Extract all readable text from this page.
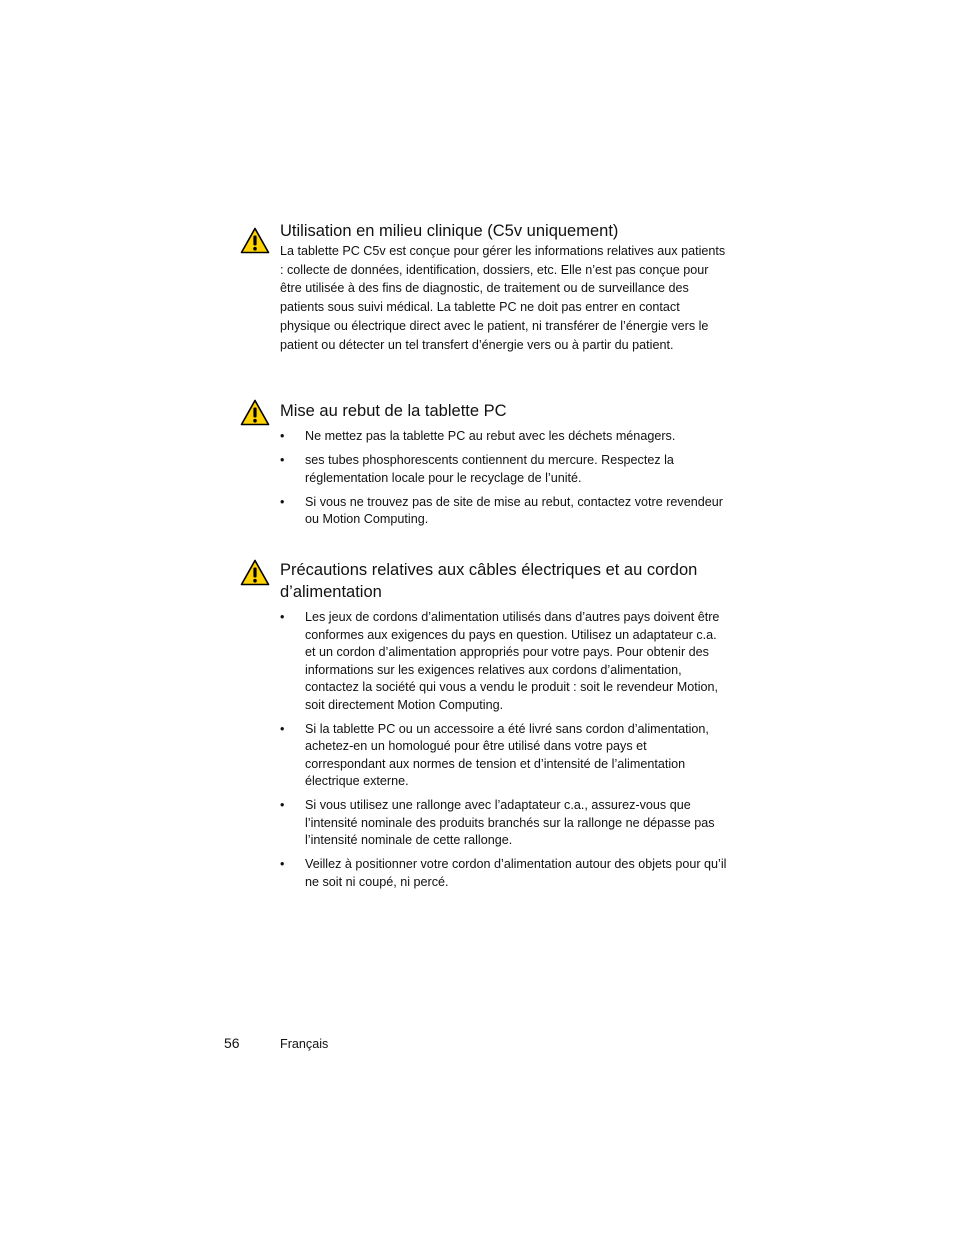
Utilisation en milieu clinique (C5v uniquement)

La tablette PC C5v est conçue pour gérer les informations relatives aux patients : collecte de données, identification, dossiers, etc. Elle n’est pas conçue pour être utilisée à des fins de diagnostic, de traitement ou de surveillance des patients sous suivi médical. La tablette PC ne doit pas entrer en contact physique ou électrique direct avec le patient, ni transférer de l’énergie vers le patient ou détecter un tel transfert d’énergie vers ou à partir du patient.

Mise au rebut de la tablette PC
• Ne mettez pas la tablette PC au rebut avec les déchets ménagers.
• ses tubes phosphorescents contiennent du mercure. Respectez la réglementation locale pour le recyclage de l’unité.
• Si vous ne trouvez pas de site de mise au rebut, contactez votre revendeur ou Motion Computing.
Précautions relatives aux câbles électriques et au cordon d’alimentation
• Les jeux de cordons d’alimentation utilisés dans d’autres pays doivent être conformes aux exigences du pays en question. Utilisez un adaptateur c.a. et un cordon d’alimentation appropriés pour votre pays. Pour obtenir des informations sur les exigences relatives aux cordons d’alimentation, contactez la société qui vous a vendu le produit : soit le revendeur Motion, soit directement Motion Computing.
• Si la tablette PC ou un accessoire a été livré sans cordon d’alimentation, achetez-en un homologué pour être utilisé dans votre pays et correspondant aux normes de tension et d’intensité de l’alimentation électrique externe.
• Si vous utilisez une rallonge avec l’adaptateur c.a., assurez-vous que l’intensité nominale des produits branchés sur la rallonge ne dépasse pas l’intensité nominale de cette rallonge.
• Veillez à positionner votre cordon d’alimentation autour des objets pour qu’il ne soit ni coupé, ni percé.
56	Français
